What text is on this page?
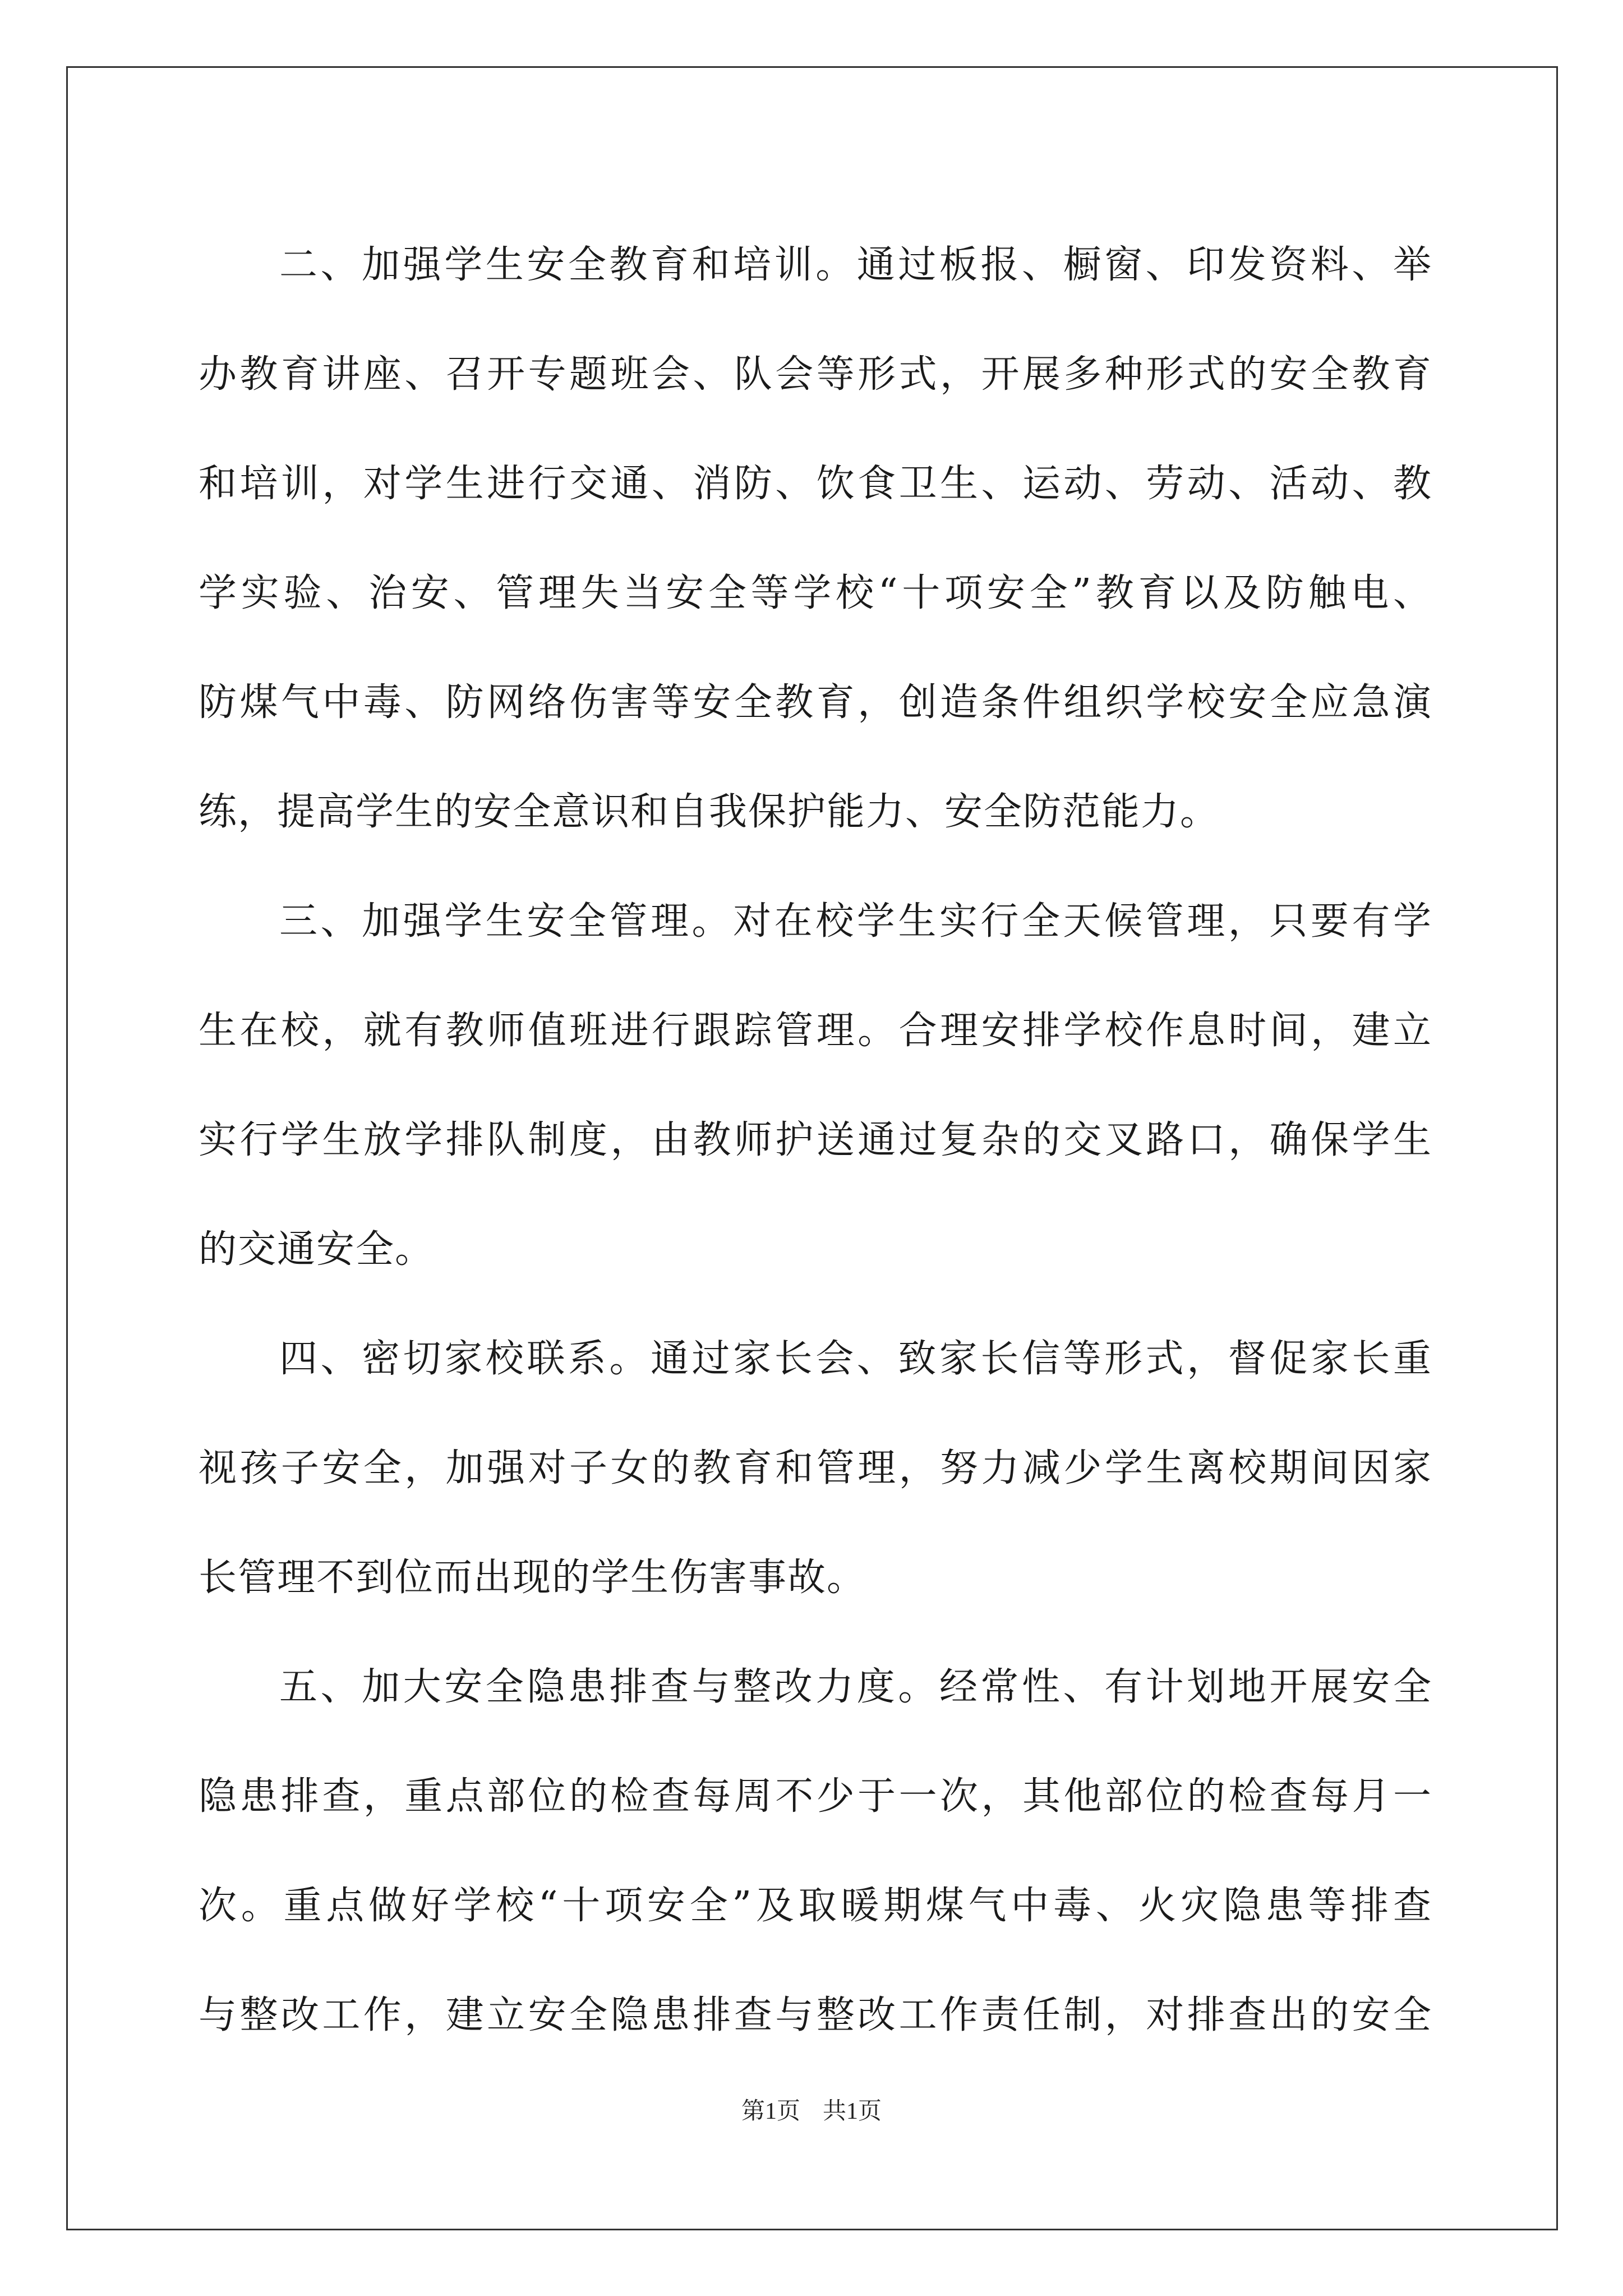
二、加强学生安全教育和培训。通过板报、橱窗、印发资料、举
办教育讲座、召开专题班会、队会等形式，开展多种形式的安全教育
和培训，对学生进行交通、消防、饮食卫生、运动、劳动、活动、教
学实验、治安、管理失当安全等学校“十项安全”教育以及防触电、
防煤气中毒、防网络伤害等安全教育，创造条件组织学校安全应急演
练，提高学生的安全意识和自我保护能力、安全防范能力。
三、加强学生安全管理。对在校学生实行全天候管理，只要有学
生在校，就有教师值班进行跟踪管理。合理安排学校作息时间，建立
实行学生放学排队制度，由教师护送通过复杂的交叉路口，确保学生
的交通安全。
四、密切家校联系。通过家长会、致家长信等形式，督促家长重
视孩子安全，加强对子女的教育和管理，努力减少学生离校期间因家
长管理不到位而出现的学生伤害事故。
五、加大安全隐患排查与整改力度。经常性、有计划地开展安全
隐患排查，重点部位的检查每周不少于一次，其他部位的检查每月一
次。重点做好学校“十项安全”及取暖期煤气中毒、火灾隐患等排查
与整改工作，建立安全隐患排查与整改工作责任制，对排查出的安全
第1页 共1页
